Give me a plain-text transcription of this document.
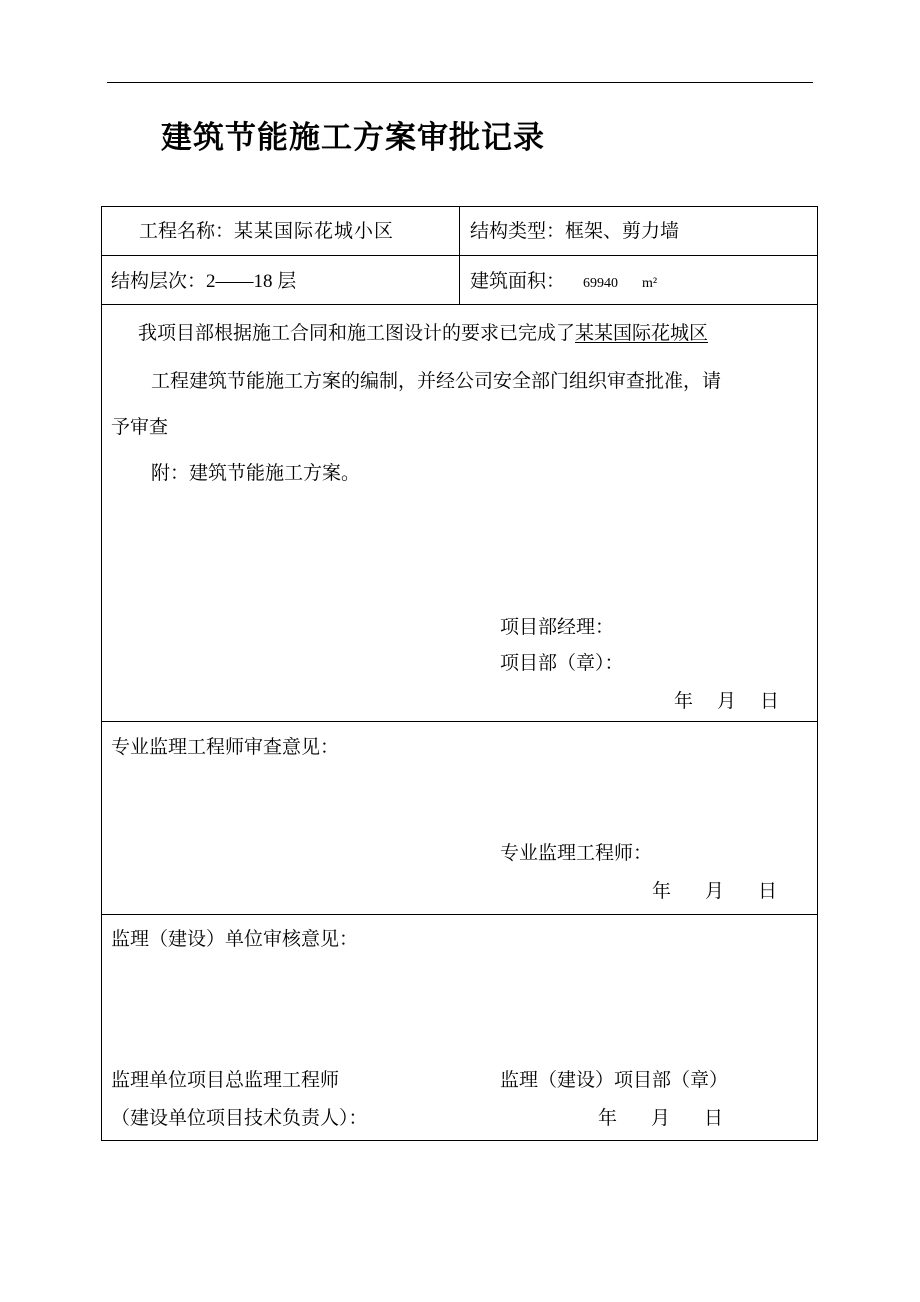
建筑节能施工方案审批记录
工程名称：某某国际花城小区	结构类型：框架、剪力墙
结构层次：2——18 层	建筑面积： 69940 m²
我项目部根据施工合同和施工图设计的要求已完成了某某国际花城区
工程建筑节能施工方案的编制，并经公司安全部门组织审查批准，请
予审查
附：建筑节能施工方案。
项目部经理：
项目部（章）：
年 月 日
专业监理工程师审查意见：
专业监理工程师：
年 月 日
监理（建设）单位审核意见：
监理单位项目总监理工程师	监理（建设）项目部（章）
（建设单位项目技术负责人）：	年 月 日
